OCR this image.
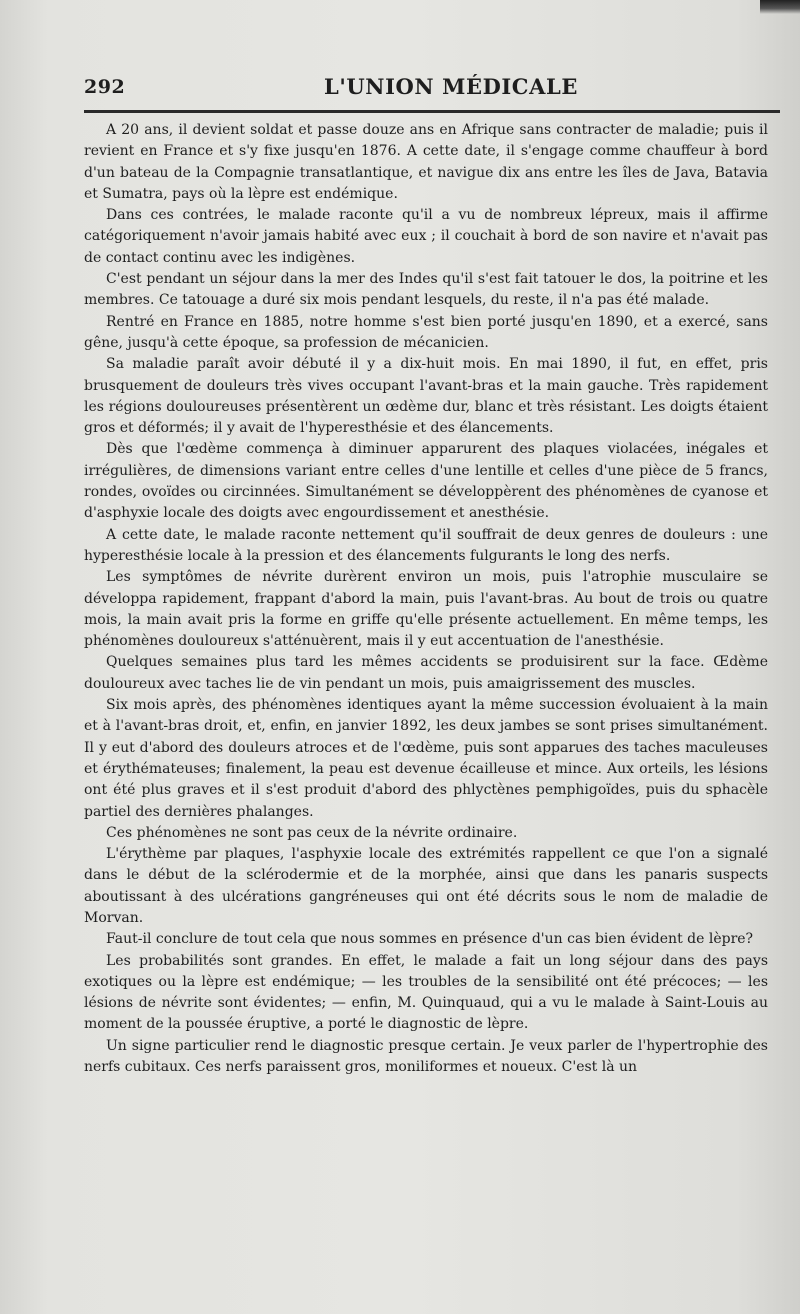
292	L'UNION MÉDICALE

A 20 ans, il devient soldat et passe douze ans en Afrique sans contracter de maladie; puis il revient en France et s'y fixe jusqu'en 1876. A cette date, il s'engage comme chauffeur à bord d'un bateau de la Compagnie transatlantique, et navigue dix ans entre les îles de Java, Batavia et Sumatra, pays où la lèpre est endémique.

Dans ces contrées, le malade raconte qu'il a vu de nombreux lépreux, mais il affirme catégoriquement n'avoir jamais habité avec eux ; il couchait à bord de son navire et n'avait pas de contact continu avec les indigènes.

C'est pendant un séjour dans la mer des Indes qu'il s'est fait tatouer le dos, la poitrine et les membres. Ce tatouage a duré six mois pendant lesquels, du reste, il n'a pas été malade.

Rentré en France en 1885, notre homme s'est bien porté jusqu'en 1890, et a exercé, sans gêne, jusqu'à cette époque, sa profession de mécanicien.

Sa maladie paraît avoir débuté il y a dix-huit mois. En mai 1890, il fut, en effet, pris brusquement de douleurs très vives occupant l'avant-bras et la main gauche. Très rapidement les régions douloureuses présentèrent un œdème dur, blanc et très résistant. Les doigts étaient gros et déformés; il y avait de l'hyperesthésie et des élancements.

Dès que l'œdème commença à diminuer apparurent des plaques violacées, inégales et irrégulières, de dimensions variant entre celles d'une lentille et celles d'une pièce de 5 francs, rondes, ovoïdes ou circinnées. Simultanément se développèrent des phénomènes de cyanose et d'asphyxie locale des doigts avec engourdissement et anesthésie.

A cette date, le malade raconte nettement qu'il souffrait de deux genres de douleurs : une hyperesthésie locale à la pression et des élancements fulgurants le long des nerfs.

Les symptômes de névrite durèrent environ un mois, puis l'atrophie musculaire se développa rapidement, frappant d'abord la main, puis l'avant-bras. Au bout de trois ou quatre mois, la main avait pris la forme en griffe qu'elle présente actuellement. En même temps, les phénomènes douloureux s'atténuèrent, mais il y eut accentuation de l'anesthésie.

Quelques semaines plus tard les mêmes accidents se produisirent sur la face. Œdème douloureux avec taches lie de vin pendant un mois, puis amaigrissement des muscles.

Six mois après, des phénomènes identiques ayant la même succession évoluaient à la main et à l'avant-bras droit, et, enfin, en janvier 1892, les deux jambes se sont prises simultanément. Il y eut d'abord des douleurs atroces et de l'œdème, puis sont apparues des taches maculeuses et érythémateuses; finalement, la peau est devenue écailleuse et mince. Aux orteils, les lésions ont été plus graves et il s'est produit d'abord des phlyctènes pemphigoïdes, puis du sphacèle partiel des dernières phalanges.

Ces phénomènes ne sont pas ceux de la névrite ordinaire.

L'érythème par plaques, l'asphyxie locale des extrémités rappellent ce que l'on a signalé dans le début de la sclérodermie et de la morphée, ainsi que dans les panaris suspects aboutissant à des ulcérations gangréneuses qui ont été décrits sous le nom de maladie de Morvan.

Faut-il conclure de tout cela que nous sommes en présence d'un cas bien évident de lèpre?

Les probabilités sont grandes. En effet, le malade a fait un long séjour dans des pays exotiques ou la lèpre est endémique; — les troubles de la sensibilité ont été précoces; — les lésions de névrite sont évidentes; — enfin, M. Quinquaud, qui a vu le malade à Saint-Louis au moment de la poussée éruptive, a porté le diagnostic de lèpre.

Un signe particulier rend le diagnostic presque certain. Je veux parler de l'hypertrophie des nerfs cubitaux. Ces nerfs paraissent gros, moniliformes et noueux. C'est là un
